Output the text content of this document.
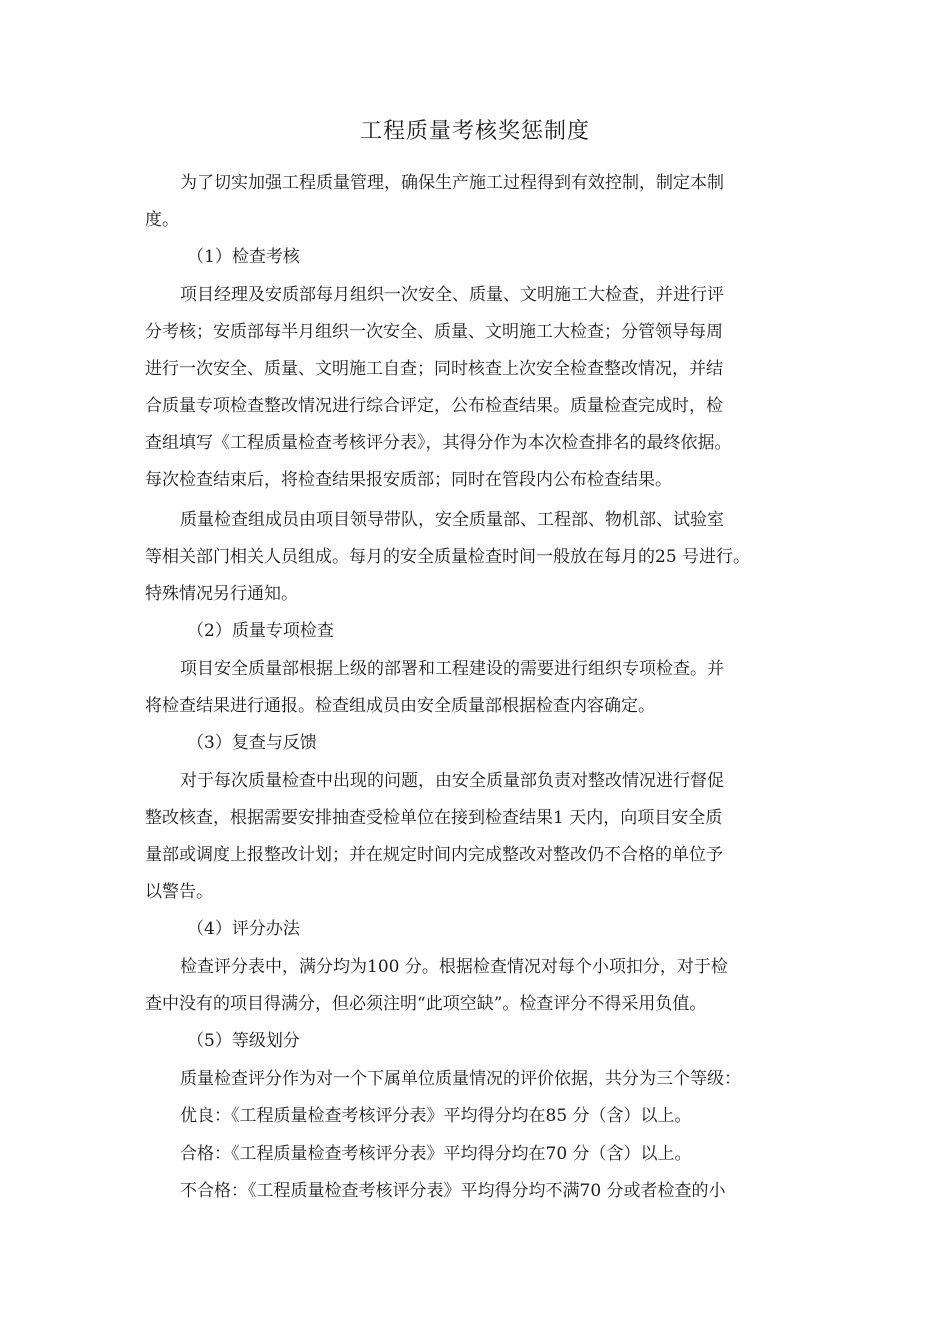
工程质量考核奖惩制度
为了切实加强工程质量管理，确保生产施工过程得到有效控制，制定本制
度。
（1）检查考核
项目经理及安质部每月组织一次安全、质量、文明施工大检查，并进行评
分考核；安质部每半月组织一次安全、质量、文明施工大检查；分管领导每周
进行一次安全、质量、文明施工自查；同时核查上次安全检查整改情况，并结
合质量专项检查整改情况进行综合评定，公布检查结果。质量检查完成时，检
查组填写《工程质量检查考核评分表》，其得分作为本次检查排名的最终依据。
每次检查结束后，将检查结果报安质部；同时在管段内公布检查结果。
质量检查组成员由项目领导带队，安全质量部、工程部、物机部、试验室
等相关部门相关人员组成。每月的安全质量检查时间一般放在每月的25 号进行。
特殊情况另行通知。
（2）质量专项检查
项目安全质量部根据上级的部署和工程建设的需要进行组织专项检查。并
将检查结果进行通报。检查组成员由安全质量部根据检查内容确定。
（3）复查与反馈
对于每次质量检查中出现的问题，由安全质量部负责对整改情况进行督促
整改核查，根据需要安排抽查受检单位在接到检查结果1 天内，向项目安全质
量部或调度上报整改计划；并在规定时间内完成整改对整改仍不合格的单位予
以警告。
（4）评分办法
检查评分表中，满分均为100 分。根据检查情况对每个小项扣分，对于检
查中没有的项目得满分，但必须注明“此项空缺”。检查评分不得采用负值。
（5）等级划分
质量检查评分作为对一个下属单位质量情况的评价依据，共分为三个等级：
优良：《工程质量检查考核评分表》平均得分均在85 分（含）以上。
合格：《工程质量检查考核评分表》平均得分均在70 分（含）以上。
不合格：《工程质量检查考核评分表》平均得分均不满70 分或者检查的小
